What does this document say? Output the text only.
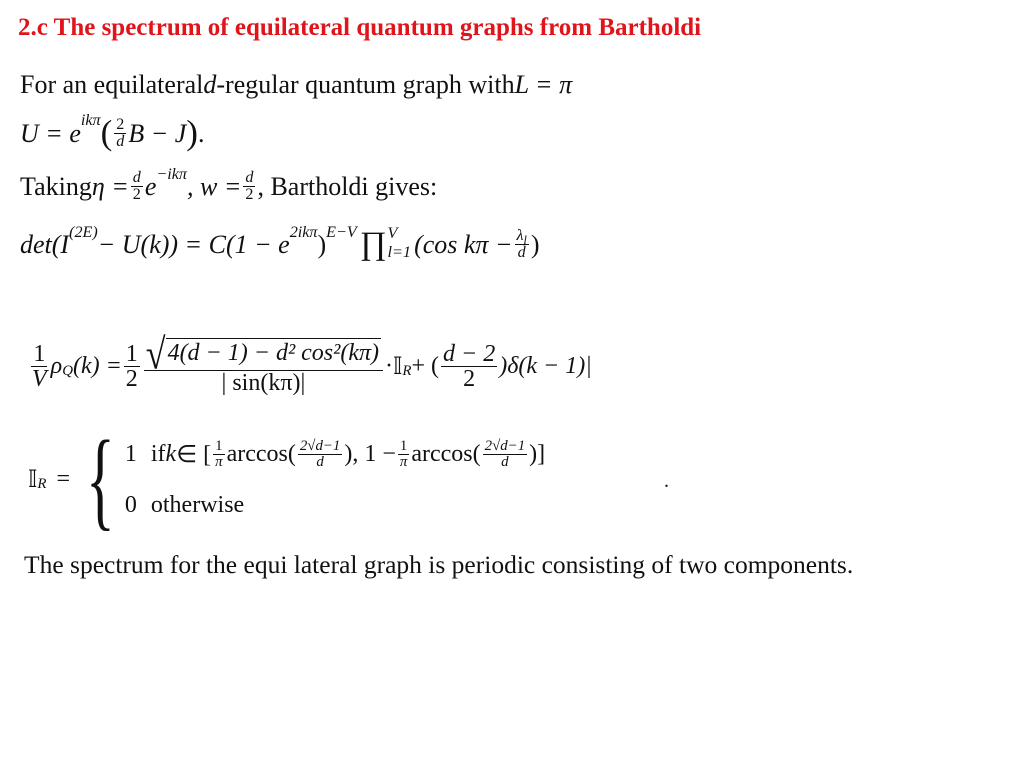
2.c The spectrum of equilateral quantum graphs from Bartholdi
For an equilateral d -regular quantum graph with L = π
U = e ikπ ( $\frac{2}{d}$ B − J ) .
Taking $\eta = \frac{d}{2}$ e −ikπ , $w = \frac{d}{2}$ , Bartholdi gives:
det(I (2E) − U(k)) = C(1 − e 2ikπ ) E−V ∏ V
l=1 (cos $k\pi - \frac{\lambda_l}{d}$ )
$\frac{1}{V}$ ρ Q $(k) = \frac{1}{2} \frac{\text{√ 4(d − 1) − d² cos²(kπ)}}{| \sin(k\pi)|}$ · 𝕀 R + ( $\frac{d - 2}{2} )\delta(k - 1)|$
𝕀 R = { 1 if k ∈ [ $\frac{1}{\pi} \arccos( \frac{2√d-1}{d}$ ), $1 - \frac{1}{\pi} \arccos( \frac{2√d-1}{d}$ )]
0 otherwise
.
The spectrum for the equi lateral graph is periodic consisting of two components.
